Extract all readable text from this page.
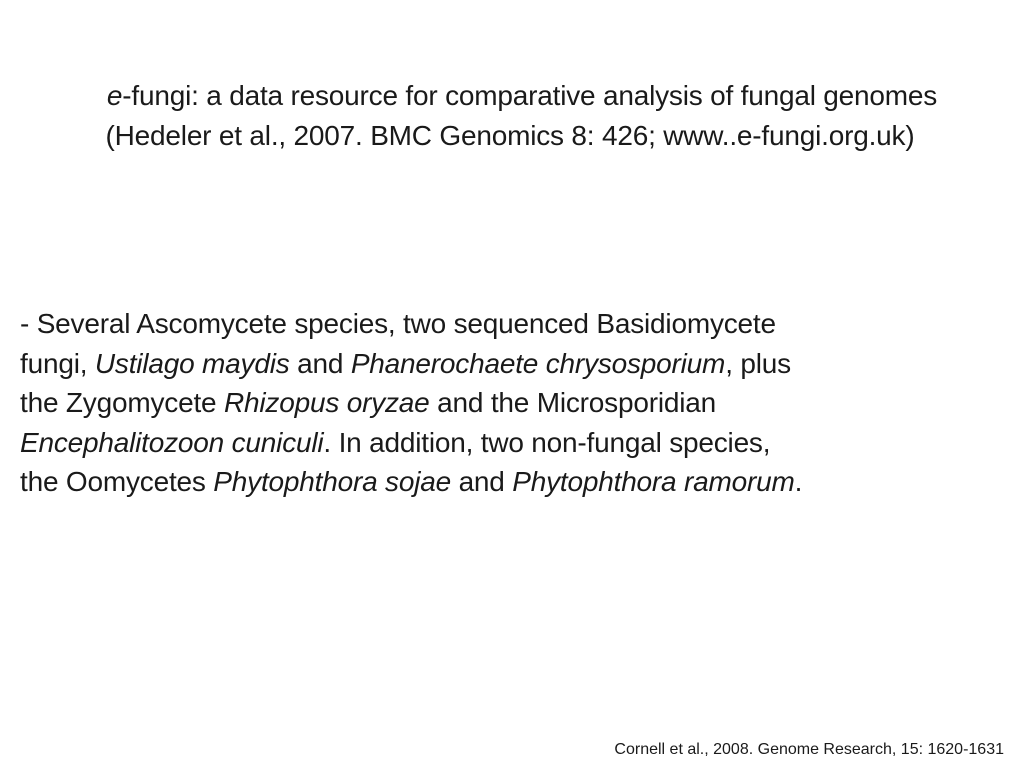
e-fungi: a data resource for comparative analysis of fungal genomes
(Hedeler et al., 2007. BMC Genomics 8: 426; www..e-fungi.org.uk)
- Several Ascomycete species, two sequenced Basidiomycete
fungi, Ustilago maydis and Phanerochaete chrysosporium, plus
the Zygomycete Rhizopus oryzae and the Microsporidian
Encephalitozoon cuniculi. In addition, two non-fungal species,
the Oomycetes Phytophthora sojae and Phytophthora ramorum.
Cornell et al., 2008. Genome Research, 15: 1620-1631
